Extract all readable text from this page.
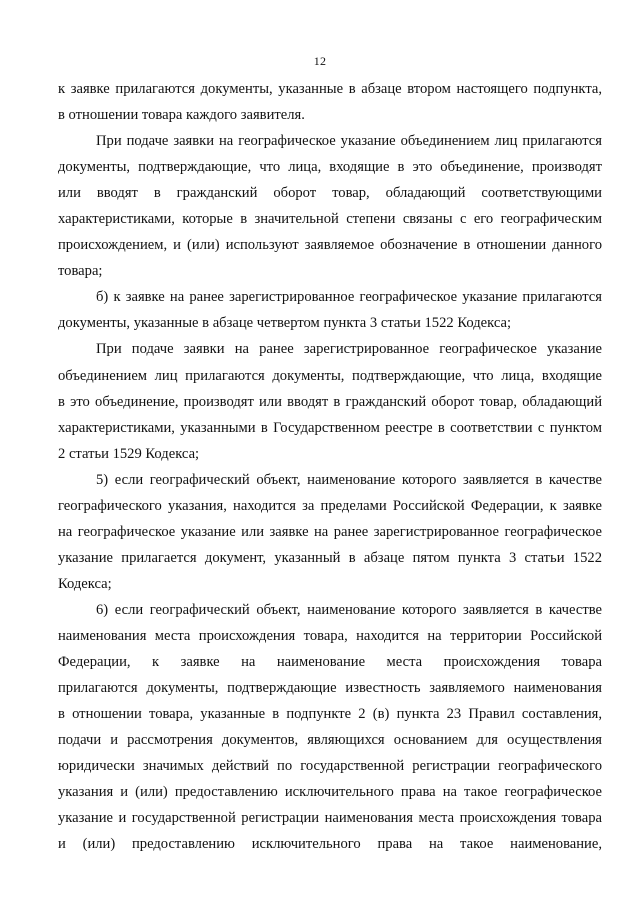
12
к заявке прилагаются документы, указанные в абзаце втором настоящего подпункта,
в отношении товара каждого заявителя.
При подаче заявки на географическое указание объединением лиц прилагаются
документы, подтверждающие, что лица, входящие в это объединение, производят
или вводят в гражданский оборот товар, обладающий соответствующими
характеристиками, которые в значительной степени связаны с его географическим
происхождением, и (или) используют заявляемое обозначение в отношении данного
товара;
б) к заявке на ранее зарегистрированное географическое указание прилагаются
документы, указанные в абзаце четвертом пункта 3 статьи 1522 Кодекса;
При подаче заявки на ранее зарегистрированное географическое указание
объединением лиц прилагаются документы, подтверждающие, что лица, входящие
в это объединение, производят или вводят в гражданский оборот товар, обладающий
характеристиками, указанными в Государственном реестре в соответствии с пунктом
2 статьи 1529 Кодекса;
5) если географический объект, наименование которого заявляется в качестве
географического указания, находится за пределами Российской Федерации, к заявке
на географическое указание или заявке на ранее зарегистрированное географическое
указание прилагается документ, указанный в абзаце пятом пункта 3 статьи 1522
Кодекса;
6) если географический объект, наименование которого заявляется в качестве
наименования места происхождения товара, находится на территории Российской
Федерации, к заявке на наименование места происхождения товара
прилагаются документы, подтверждающие известность заявляемого наименования
в отношении товара, указанные в подпункте 2 (в) пункта 23 Правил составления,
подачи и рассмотрения документов, являющихся основанием для осуществления
юридически значимых действий по государственной регистрации географического
указания и (или) предоставлению исключительного права на такое географическое
указание и государственной регистрации наименования места происхождения товара
и (или) предоставлению исключительного права на такое наименование,
